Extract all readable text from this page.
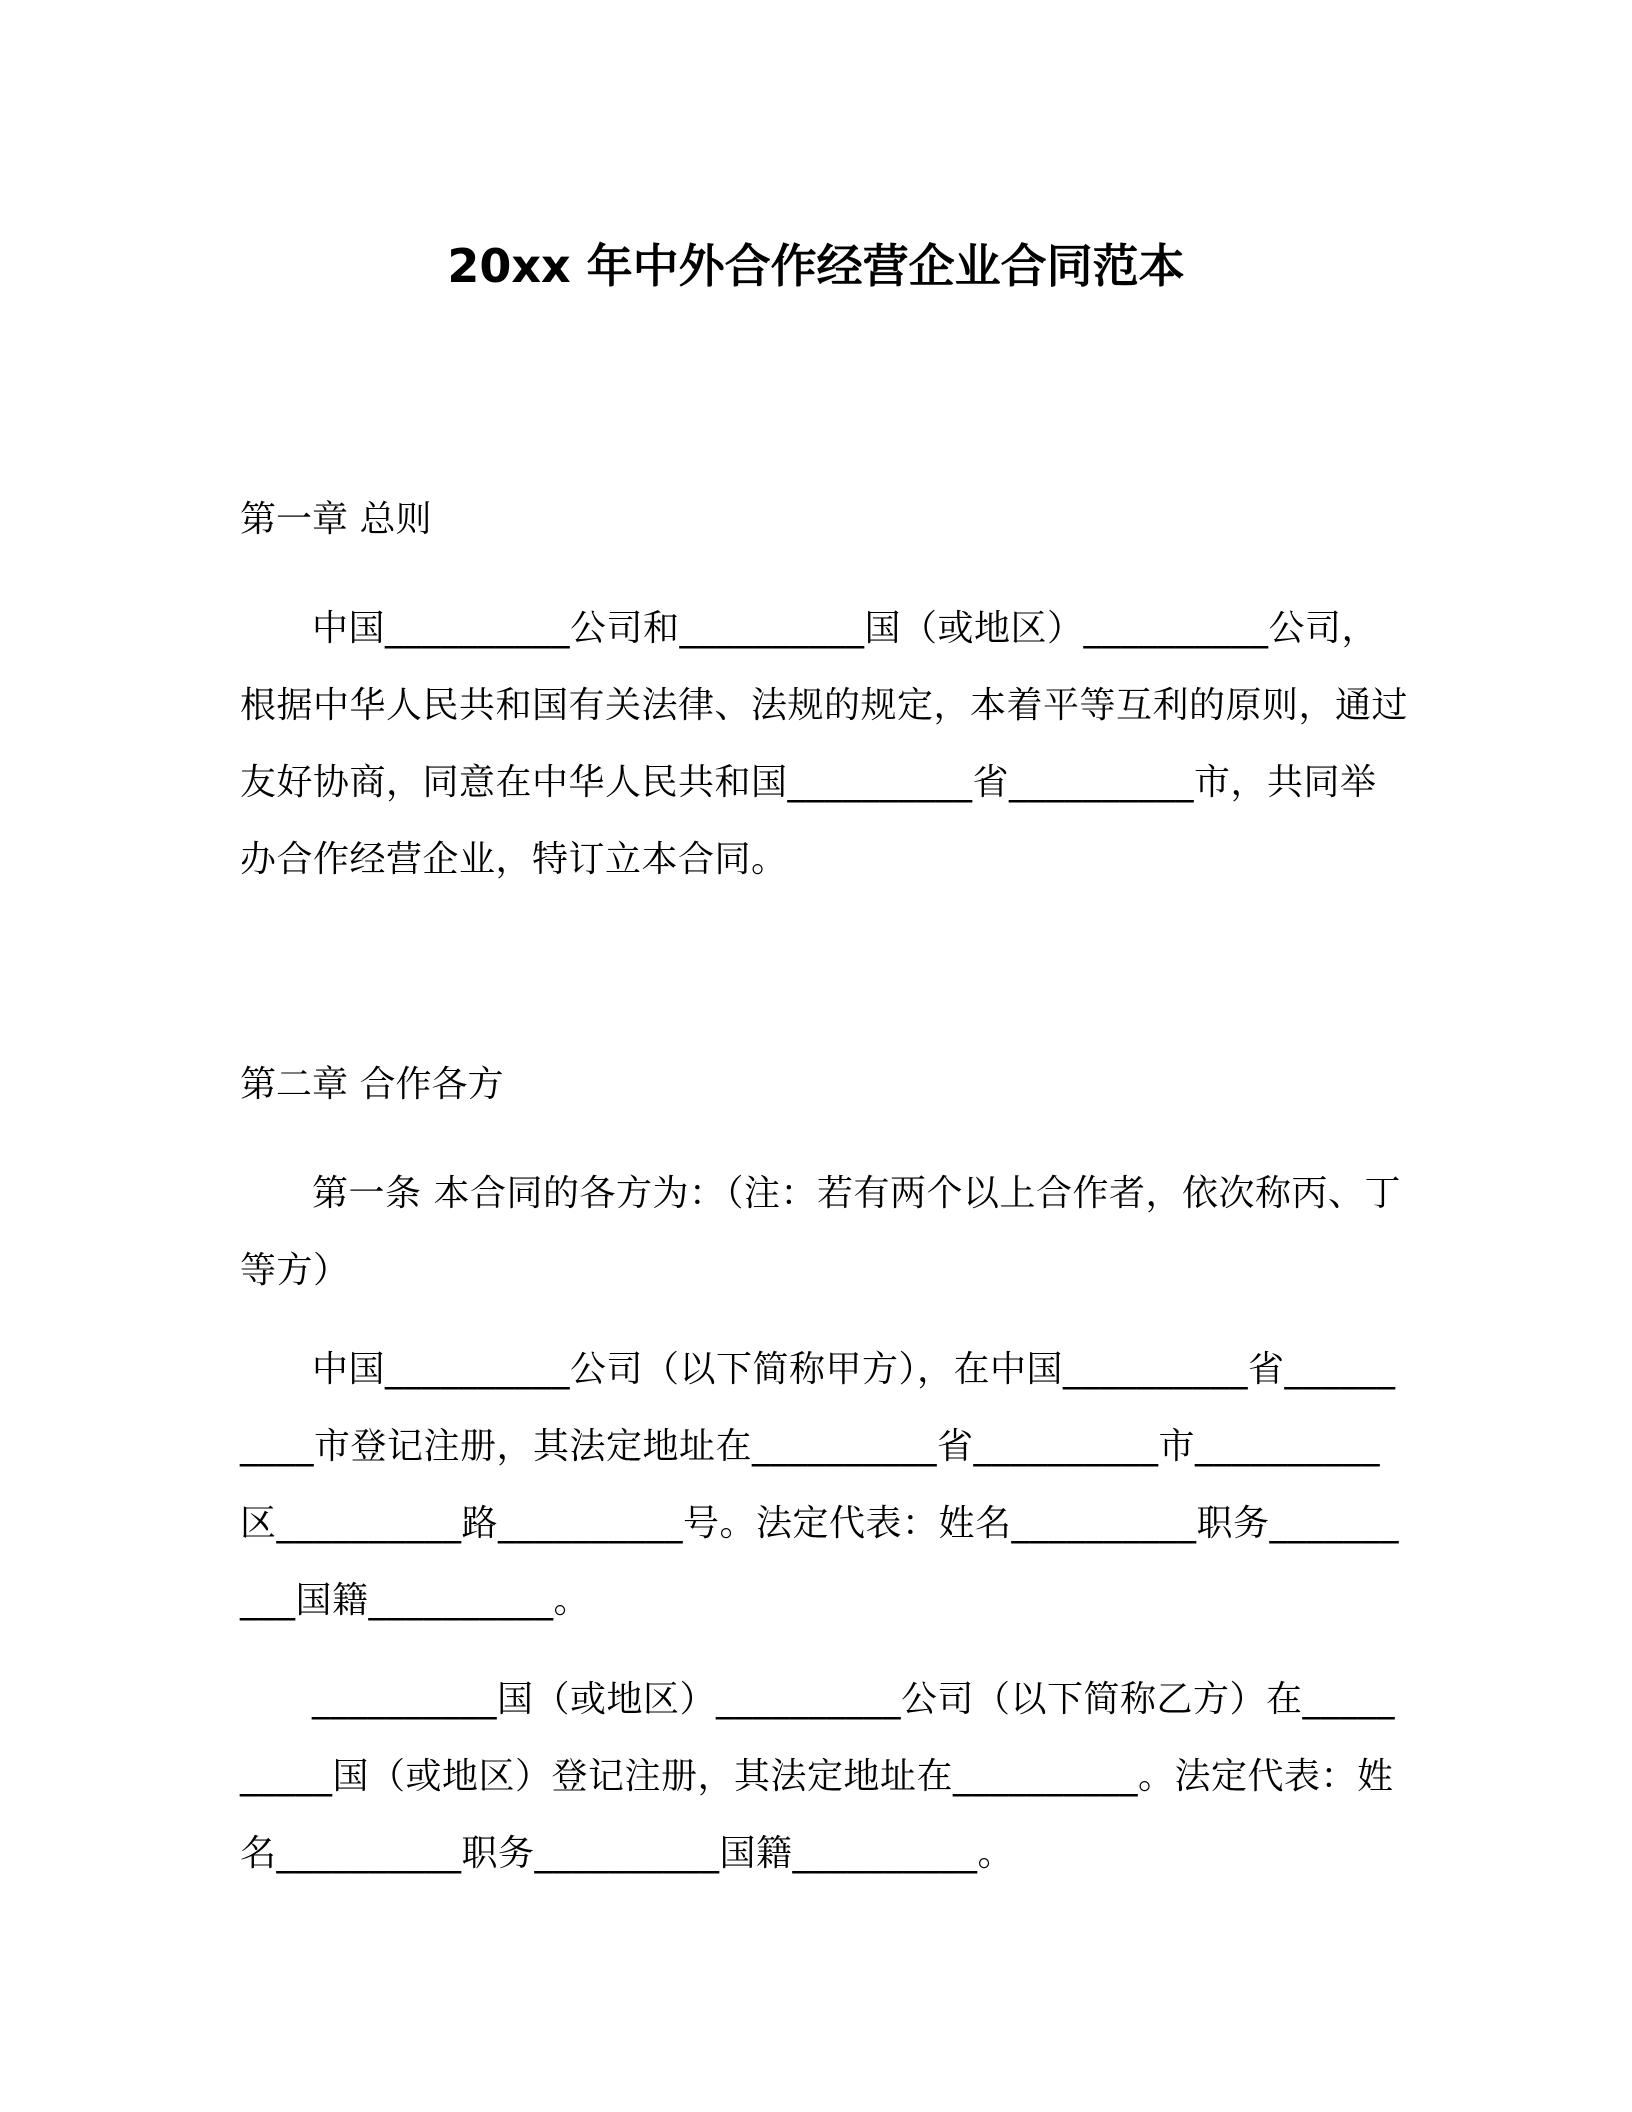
20xx 年中外合作经营企业合同范本

第一章 总则

中国__________公司和__________国（或地区）__________公司，根据中华人民共和国有关法律、法规的规定，本着平等互利的原则，通过友好协商，同意在中华人民共和国__________省__________市，共同举办合作经营企业，特订立本合同。

第二章 合作各方

第一条 本合同的各方为：（注：若有两个以上合作者，依次称丙、丁等方）

中国__________公司（以下简称甲方），在中国__________省__________市登记注册，其法定地址在__________省__________市__________区__________路__________号。法定代表：姓名__________职务__________国籍__________。

__________国（或地区）__________公司（以下简称乙方）在__________国（或地区）登记注册，其法定地址在__________。法定代表：姓名__________职务__________国籍__________。
